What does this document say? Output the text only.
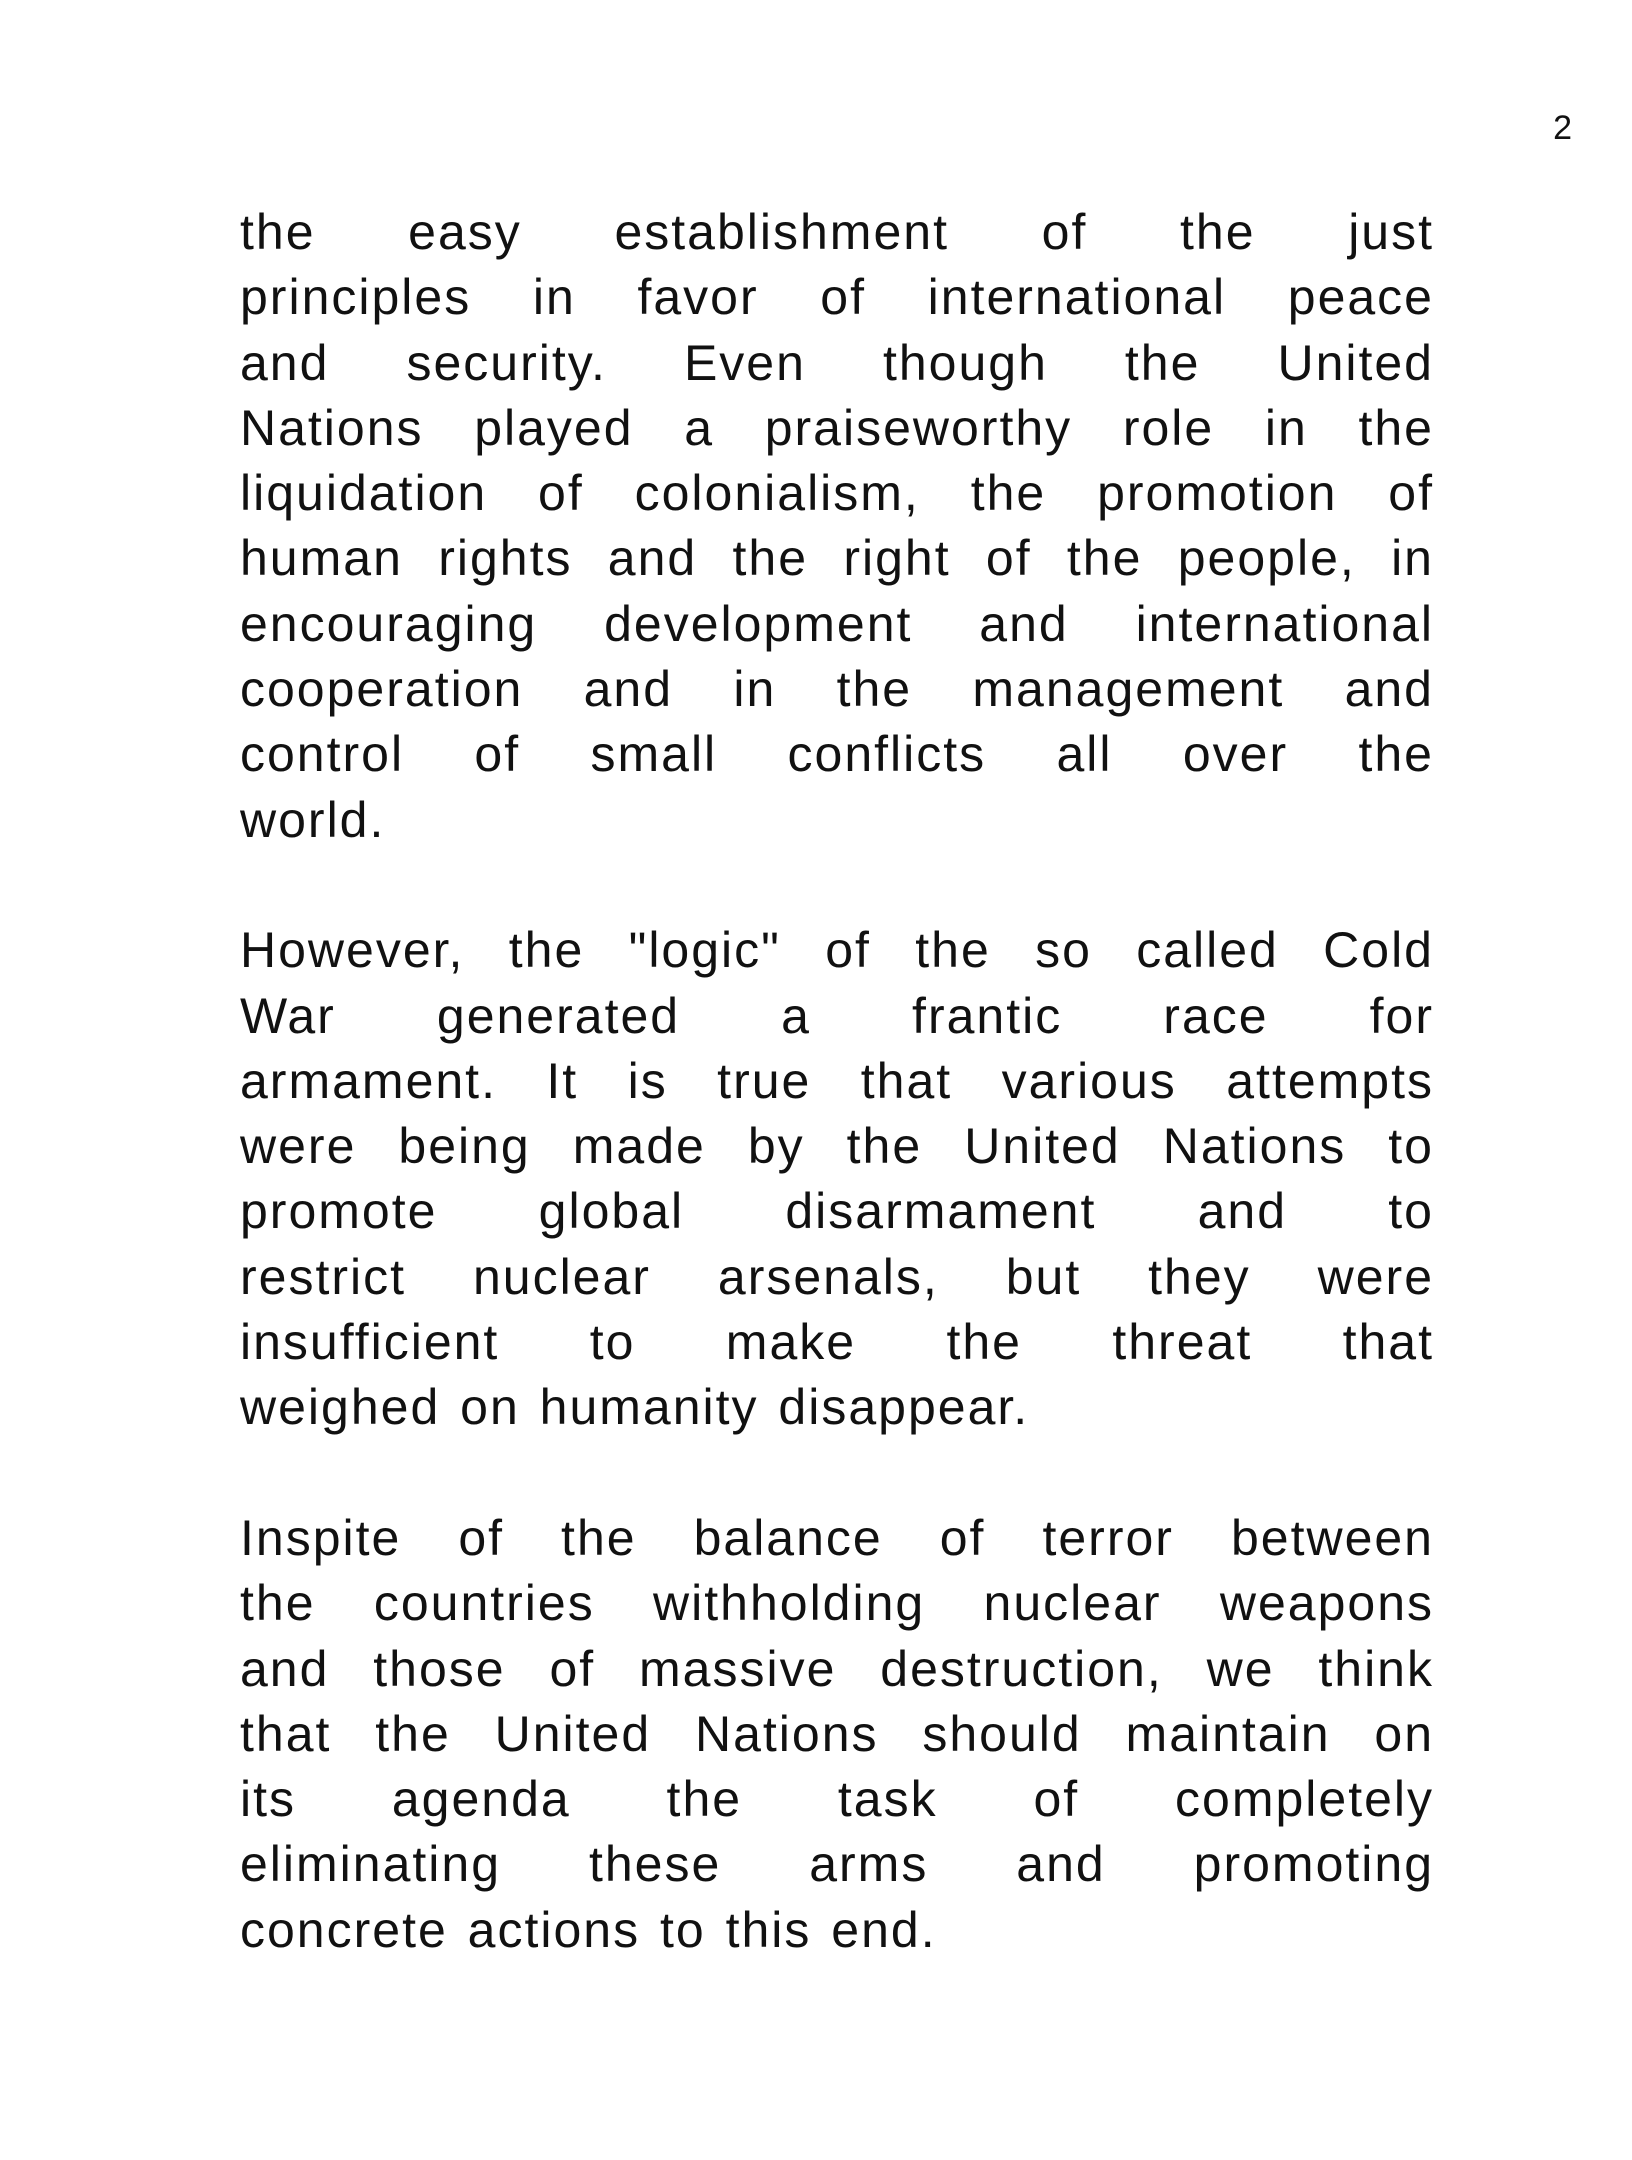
2

the easy establishment of the just
principles in favor of international peace
and security. Even though the United
Nations played a praiseworthy role in the
liquidation of colonialism, the promotion of
human rights and the right of the people, in
encouraging development and international
cooperation and in the management and
control of small conflicts all over the
world.

However, the "logic" of the so called Cold
War generated a frantic race for
armament. It is true that various attempts
were being made by the United Nations to
promote global disarmament and to
restrict nuclear arsenals, but they were
insufficient to make the threat that
weighed on humanity disappear.

Inspite of the balance of terror between
the countries withholding nuclear weapons
and those of massive destruction, we think
that the United Nations should maintain on
its agenda the task of completely
eliminating these arms and promoting
concrete actions to this end.
